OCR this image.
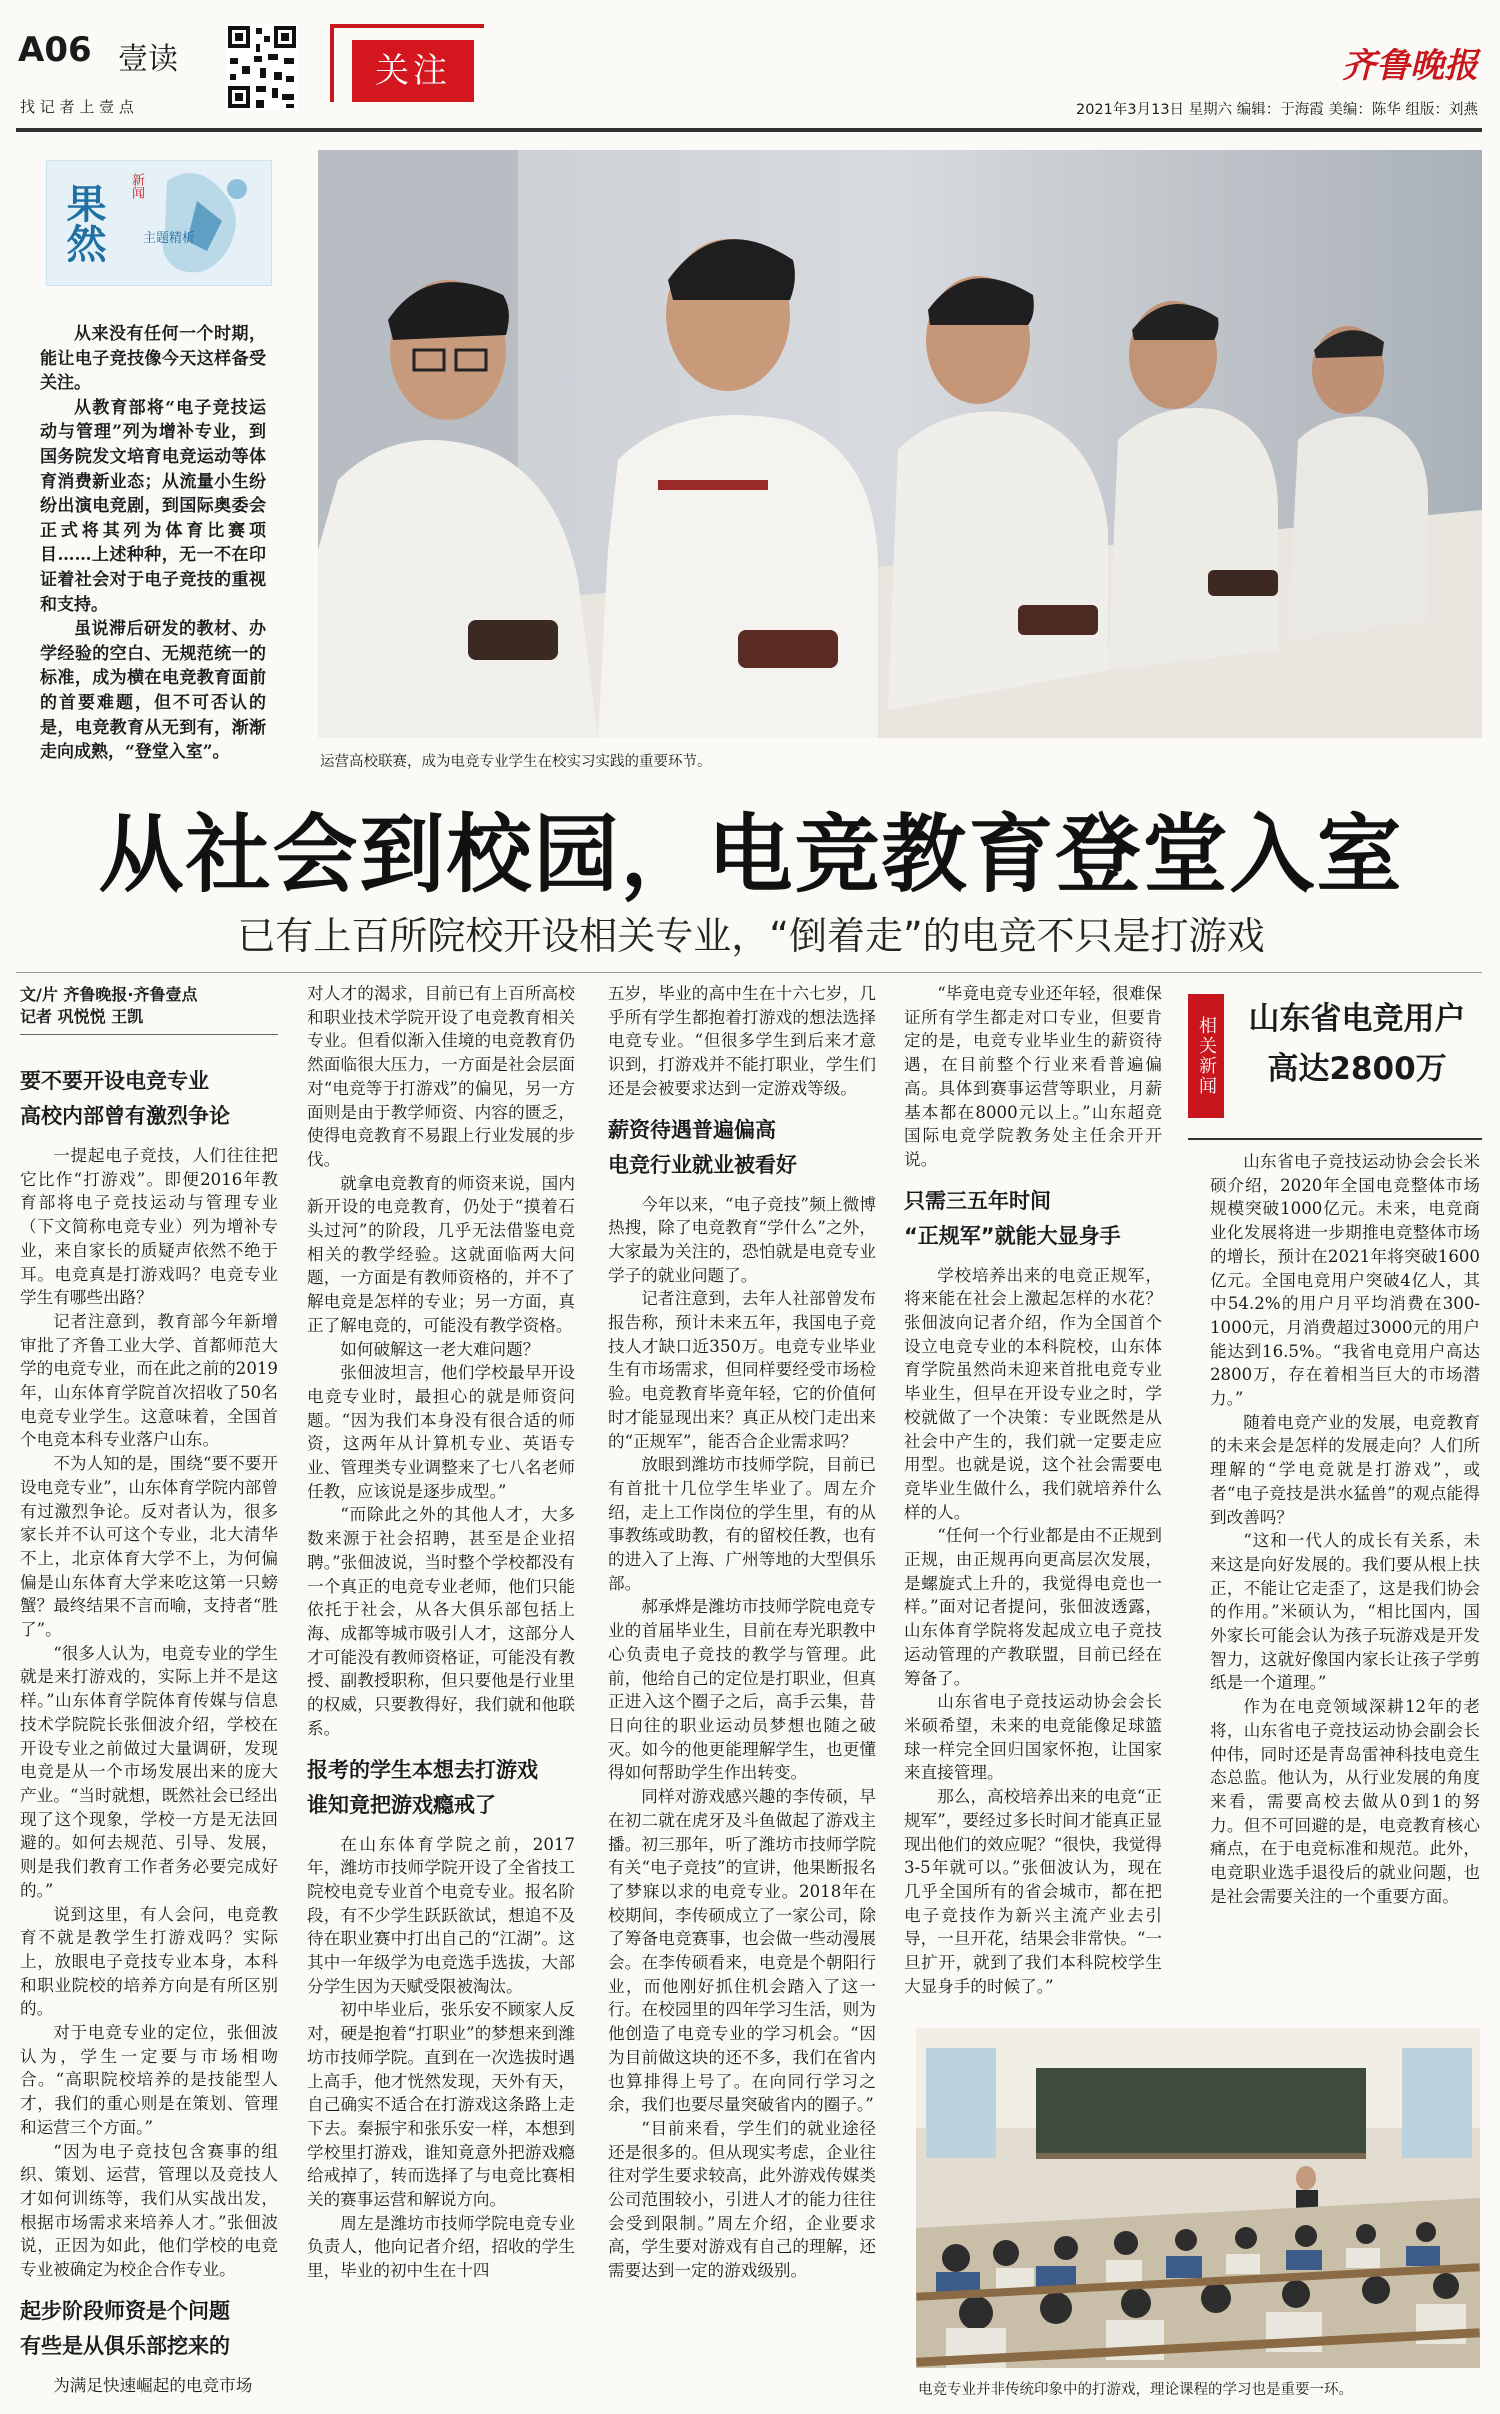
A06 壹读
找 记 者 上 壹 点
关注	齐鲁晚报
2021年3月13日 星期六 编辑：于海霞 美编：陈华 组版：刘燕
果然 新闻
主题精析

从来没有任何一个时期，能让电子竞技像今天这样备受关注。

从教育部将“电子竞技运动与管理”列为增补专业，到国务院发文培育电竞运动等体育消费新业态；从流量小生纷纷出演电竞剧，到国际奥委会正式将其列为体育比赛项目……上述种种，无一不在印证着社会对于电子竞技的重视和支持。

虽说滞后研发的教材、办学经验的空白、无规范统一的标准，成为横在电竞教育面前的首要难题，但不可否认的是，电竞教育从无到有，渐渐走向成熟，“登堂入室”。	运营高校联赛，成为电竞专业学生在校实习实践的重要环节。
从社会到校园，电竞教育登堂入室
已有上百所院校开设相关专业，“倒着走”的电竞不只是打游戏
文/片 齐鲁晚报·齐鲁壹点
记者 巩悦悦 王凯
要不要开设电竞专业
高校内部曾有激烈争论

一提起电子竞技，人们往往把它比作“打游戏”。即便2016年教育部将电子竞技运动与管理专业（下文简称电竞专业）列为增补专业，来自家长的质疑声依然不绝于耳。电竞真是打游戏吗？电竞专业学生有哪些出路？

记者注意到，教育部今年新增审批了齐鲁工业大学、首都师范大学的电竞专业，而在此之前的2019年，山东体育学院首次招收了50名电竞专业学生。这意味着，全国首个电竞本科专业落户山东。

不为人知的是，围绕“要不要开设电竞专业”，山东体育学院内部曾有过激烈争论。反对者认为，很多家长并不认可这个专业，北大清华不上，北京体育大学不上，为何偏偏是山东体育大学来吃这第一只螃蟹？最终结果不言而喻，支持者“胜了”。

“很多人认为，电竞专业的学生就是来打游戏的，实际上并不是这样。”山东体育学院体育传媒与信息技术学院院长张佃波介绍，学校在开设专业之前做过大量调研，发现电竞是从一个市场发展出来的庞大产业。“当时就想，既然社会已经出现了这个现象，学校一方是无法回避的。如何去规范、引导、发展，则是我们教育工作者务必要完成好的。”

说到这里，有人会问，电竞教育不就是教学生打游戏吗？实际上，放眼电子竞技专业本身，本科和职业院校的培养方向是有所区别的。

对于电竞专业的定位，张佃波认为，学生一定要与市场相吻合。“高职院校培养的是技能型人才，我们的重心则是在策划、管理和运营三个方面。”

“因为电子竞技包含赛事的组织、策划、运营，管理以及竞技人才如何训练等，我们从实战出发，根据市场需求来培养人才。”张佃波说，正因为如此，他们学校的电竞专业被确定为校企合作专业。

起步阶段师资是个问题
有些是从俱乐部挖来的

为满足快速崛起的电竞市场

对人才的渴求，目前已有上百所高校和职业技术学院开设了电竞教育相关专业。但看似渐入佳境的电竞教育仍然面临很大压力，一方面是社会层面对“电竞等于打游戏”的偏见，另一方面则是由于教学师资、内容的匮乏，使得电竞教育不易跟上行业发展的步伐。

就拿电竞教育的师资来说，国内新开设的电竞教育，仍处于“摸着石头过河”的阶段，几乎无法借鉴电竞相关的教学经验。这就面临两大问题，一方面是有教师资格的，并不了解电竞是怎样的专业；另一方面，真正了解电竞的，可能没有教学资格。

如何破解这一老大难问题？

张佃波坦言，他们学校最早开设电竞专业时，最担心的就是师资问题。“因为我们本身没有很合适的师资，这两年从计算机专业、英语专业、管理类专业调整来了七八名老师任教，应该说是逐步成型。”

“而除此之外的其他人才，大多数来源于社会招聘，甚至是企业招聘。”张佃波说，当时整个学校都没有一个真正的电竞专业老师，他们只能依托于社会，从各大俱乐部包括上海、成都等城市吸引人才，这部分人才可能没有教师资格证，可能没有教授、副教授职称，但只要他是行业里的权威，只要教得好，我们就和他联系。

报考的学生本想去打游戏
谁知竟把游戏瘾戒了

在山东体育学院之前，2017年，潍坊市技师学院开设了全省技工院校电竞专业首个电竞专业。报名阶段，有不少学生跃跃欲试，想追不及待在职业赛中打出自己的“江湖”。这其中一年级学为电竞选手选拔，大部分学生因为天赋受限被淘汰。

初中毕业后，张乐安不顾家人反对，硬是抱着“打职业”的梦想来到潍坊市技师学院。直到在一次选拔时遇上高手，他才恍然发现，天外有天，自己确实不适合在打游戏这条路上走下去。秦振宇和张乐安一样，本想到学校里打游戏，谁知竟意外把游戏瘾给戒掉了，转而选择了与电竞比赛相关的赛事运营和解说方向。

周左是潍坊市技师学院电竞专业负责人，他向记者介绍，招收的学生里，毕业的初中生在十四

五岁，毕业的高中生在十六七岁，几乎所有学生都抱着打游戏的想法选择电竞专业。“但很多学生到后来才意识到，打游戏并不能打职业，学生们还是会被要求达到一定游戏等级。

薪资待遇普遍偏高
电竞行业就业被看好

今年以来，“电子竞技”频上微博热搜，除了电竞教育“学什么”之外，大家最为关注的，恐怕就是电竞专业学子的就业问题了。

记者注意到，去年人社部曾发布报告称，预计未来五年，我国电子竞技人才缺口近350万。电竞专业毕业生有市场需求，但同样要经受市场检验。电竞教育毕竟年轻，它的价值何时才能显现出来？真正从校门走出来的“正规军”，能否合企业需求吗？

放眼到潍坊市技师学院，目前已有首批十几位学生毕业了。周左介绍，走上工作岗位的学生里，有的从事教练或助教，有的留校任教，也有的进入了上海、广州等地的大型俱乐部。

郝承烨是潍坊市技师学院电竞专业的首届毕业生，目前在寿光职教中心负责电子竞技的教学与管理。此前，他给自己的定位是打职业，但真正进入这个圈子之后，高手云集，昔日向往的职业运动员梦想也随之破灭。如今的他更能理解学生，也更懂得如何帮助学生作出转变。

同样对游戏感兴趣的李传硕，早在初二就在虎牙及斗鱼做起了游戏主播。初三那年，听了潍坊市技师学院有关“电子竞技”的宣讲，他果断报名了梦寐以求的电竞专业。2018年在校期间，李传硕成立了一家公司，除了筹备电竞赛事，也会做一些动漫展会。在李传硕看来，电竞是个朝阳行业，而他刚好抓住机会踏入了这一行。在校园里的四年学习生活，则为他创造了电竞专业的学习机会。“因为目前做这块的还不多，我们在省内也算排得上号了。在向同行学习之余，我们也要尽量突破省内的圈子。”

“目前来看，学生们的就业途径还是很多的。但从现实考虑，企业往往对学生要求较高，此外游戏传媒类公司范围较小，引进人才的能力往往会受到限制。”周左介绍，企业要求高，学生要对游戏有自己的理解，还需要达到一定的游戏级别。

“毕竟电竞专业还年轻，很难保证所有学生都走对口专业，但要肯定的是，电竞专业毕业生的薪资待遇，在目前整个行业来看普遍偏高。具体到赛事运营等职业，月薪基本都在8000元以上。”山东超竞国际电竞学院教务处主任余开开说。

只需三五年时间
“正规军”就能大显身手

学校培养出来的电竞正规军，将来能在社会上激起怎样的水花？张佃波向记者介绍，作为全国首个设立电竞专业的本科院校，山东体育学院虽然尚未迎来首批电竞专业毕业生，但早在开设专业之时，学校就做了一个决策：专业既然是从社会中产生的，我们就一定要走应用型。也就是说，这个社会需要电竞毕业生做什么，我们就培养什么样的人。

“任何一个行业都是由不正规到正规，由正规再向更高层次发展，是螺旋式上升的，我觉得电竞也一样。”面对记者提问，张佃波透露，山东体育学院将发起成立电子竞技运动管理的产教联盟，目前已经在筹备了。

山东省电子竞技运动协会会长米硕希望，未来的电竞能像足球篮球一样完全回归国家怀抱，让国家来直接管理。

那么，高校培养出来的电竞“正规军”，要经过多长时间才能真正显现出他们的效应呢？“很快，我觉得3-5年就可以。”张佃波认为，现在几乎全国所有的省会城市，都在把电子竞技作为新兴主流产业去引导，一旦开花，结果会非常快。“一旦扩开，就到了我们本科院校学生大显身手的时候了。”

相关新闻	山东省电竞用户
高达2800万

山东省电子竞技运动协会会长米硕介绍，2020年全国电竞整体市场规模突破1000亿元。未来，电竞商业化发展将进一步期推电竞整体市场的增长，预计在2021年将突破1600亿元。全国电竞用户突破4亿人，其中54.2%的用户月平均消费在300-1000元，月消费超过3000元的用户能达到16.5%。“我省电竞用户高达2800万，存在着相当巨大的市场潜力。”

随着电竞产业的发展，电竞教育的未来会是怎样的发展走向？人们所理解的“学电竞就是打游戏”，或者“电子竞技是洪水猛兽”的观点能得到改善吗？

“这和一代人的成长有关系，未来这是向好发展的。我们要从根上扶正，不能让它走歪了，这是我们协会的作用。”米硕认为，“相比国内，国外家长可能会认为孩子玩游戏是开发智力，这就好像国内家长让孩子学剪纸是一个道理。”

作为在电竞领域深耕12年的老将，山东省电子竞技运动协会副会长仲伟，同时还是青岛雷神科技电竞生态总监。他认为，从行业发展的角度来看，需要高校去做从0到1的努力。但不可回避的是，电竞教育核心痛点，在于电竞标准和规范。此外，电竞职业选手退役后的就业问题，也是社会需要关注的一个重要方面。

电竞专业并非传统印象中的打游戏，理论课程的学习也是重要一环。
